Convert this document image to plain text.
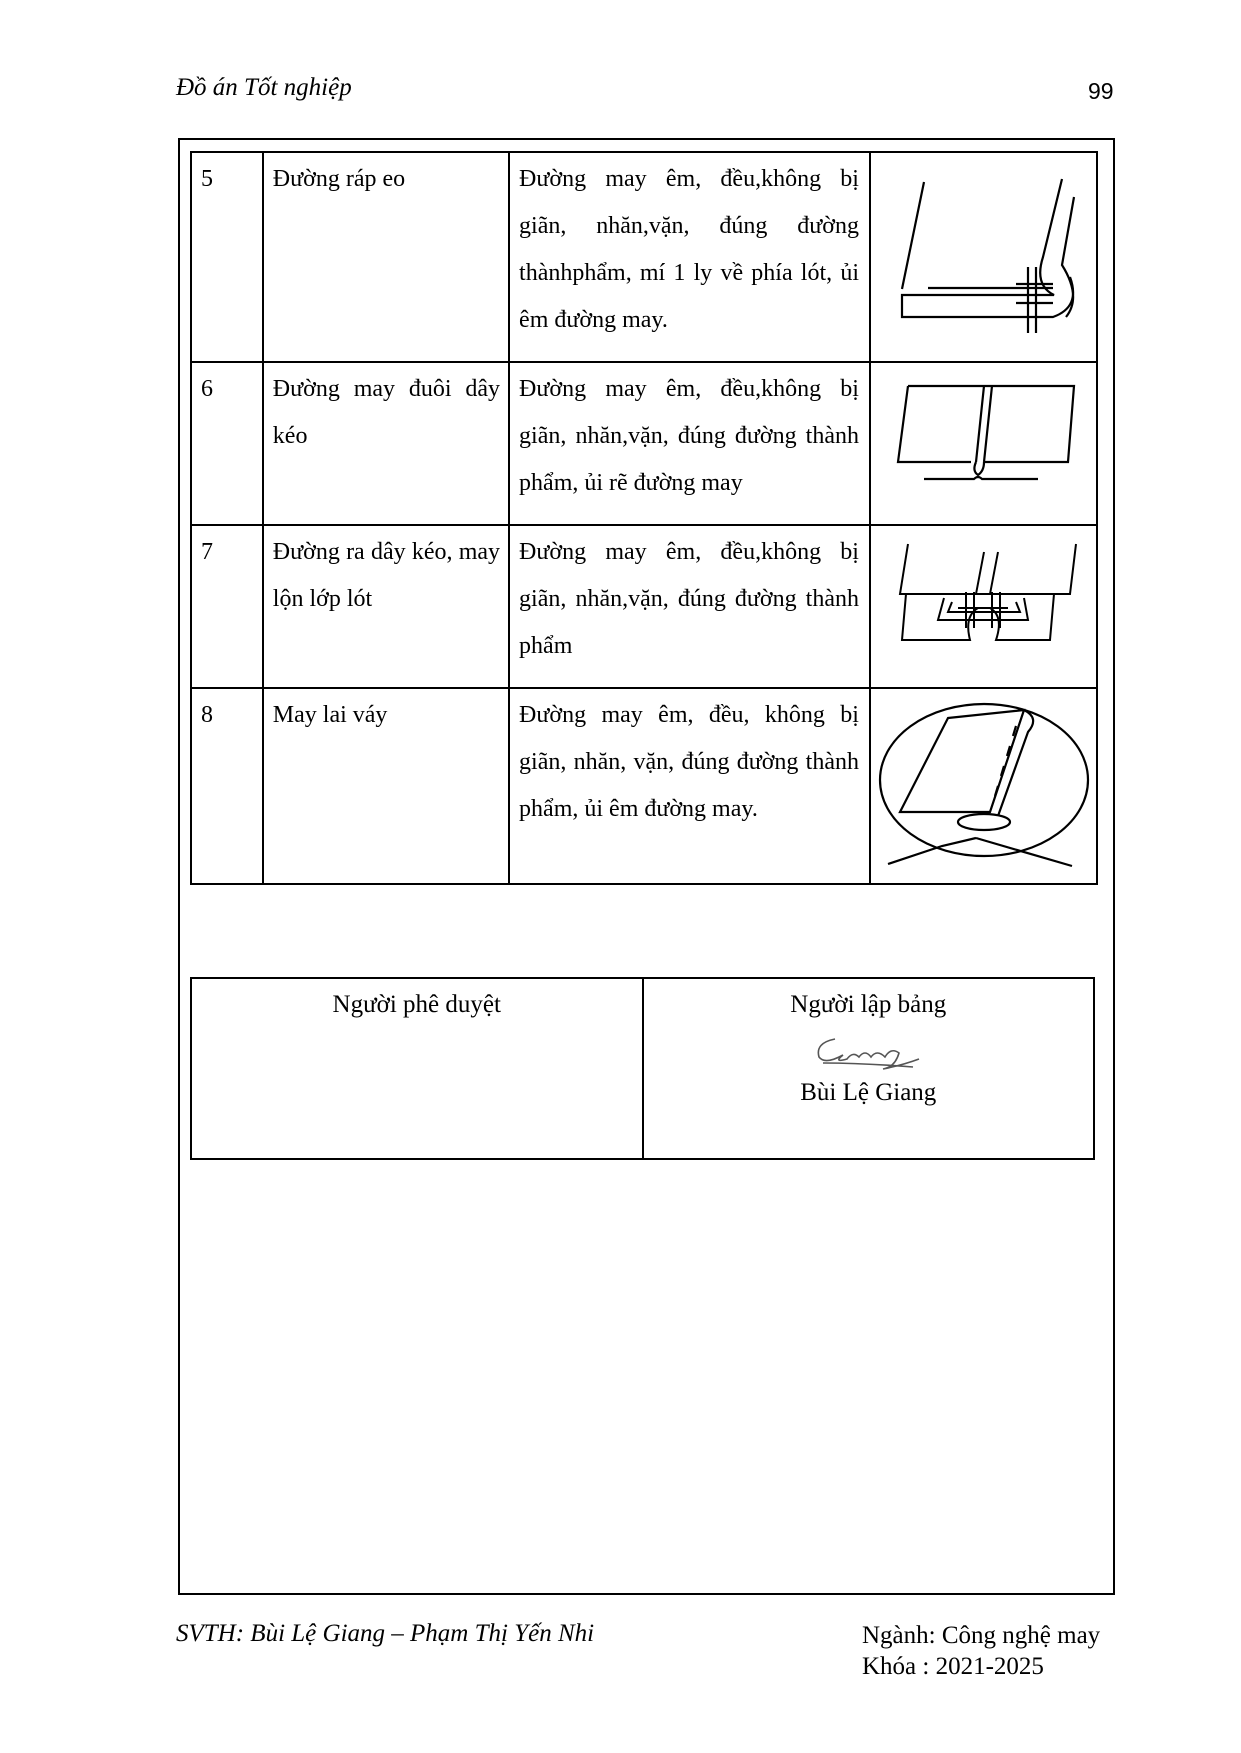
Đồ án Tốt nghiệp	99
5	Đường ráp eo	Đường may êm, đều,không bị giãn, nhăn,vặn, đúng đường thànhphẩm, mí 1 ly về phía lót, ủi êm đường may.	

6	Đường may đuôi dây kéo	Đường may êm, đều,không bị giãn, nhăn,vặn, đúng đường thành phẩm, ủi rẽ đường may	

7	Đường ra dây kéo, may lộn lớp lót	Đường may êm, đều,không bị giãn, nhăn,vặn, đúng đường thành phẩm	

8	May lai váy	Đường may êm, đều, không bị giãn, nhăn, vặn, đúng đường thành phẩm, ủi êm đường may.	
Người phê duyệt	Người lập bảng
Bùi Lệ Giang
SVTH: Bùi Lệ Giang – Phạm Thị Yến Nhi	Ngành: Công nghệ may
Khóa : 2021-2025
